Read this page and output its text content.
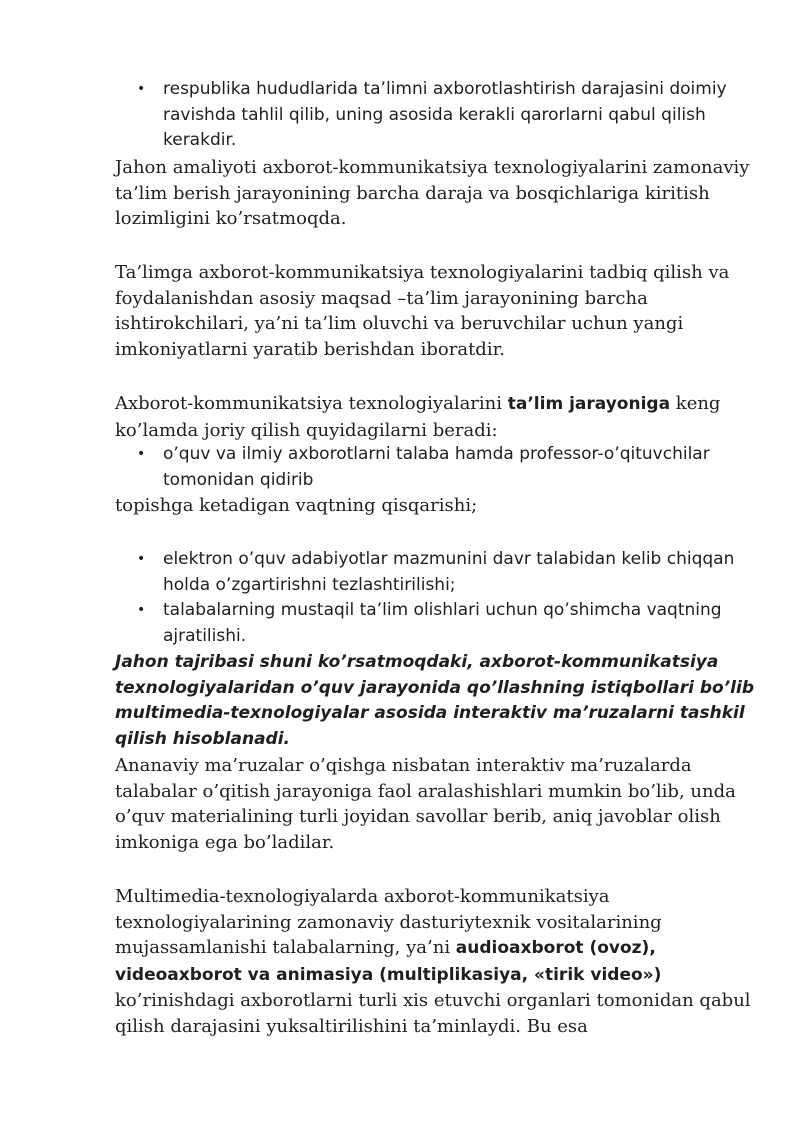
• respublika hududlarida ta’limni axborotlashtirish darajasini doimiy ravishda tahlil qilib, uning asosida kerakli qarorlarni qabul qilish kerakdir.

Jahon amaliyoti axborot-kommunikatsiya texnologiyalarini zamonaviy ta’lim berish jarayonining barcha daraja va bosqichlariga kiritish lozimligini ko’rsatmoqda.

Ta’limga axborot-kommunikatsiya texnologiyalarini tadbiq qilish va foydalanishdan asosiy maqsad –ta’lim jarayonining barcha ishtirokchilari, ya’ni ta’lim oluvchi va beruvchilar uchun yangi imkoniyatlarni yaratib berishdan iboratdir.

Axborot-kommunikatsiya texnologiyalarini ta’lim jarayoniga keng ko’lamda joriy qilish quyidagilarni beradi:

• o’quv va ilmiy axborotlarni talaba hamda professor-o’qituvchilar tomonidan qidirib

topishga ketadigan vaqtning qisqarishi;

• elektron o’quv adabiyotlar mazmunini davr talabidan kelib chiqqan holda o’zgartirishni tezlashtirilishi;
• talabalarning mustaqil ta’lim olishlari uchun qo’shimcha vaqtning ajratilishi.

Jahon tajribasi shuni ko’rsatmoqdaki, axborot-kommunikatsiya texnologiyalaridan o’quv jarayonida qo’llashning istiqbollari bo’lib multimedia-texnologiyalar asosida interaktiv ma’ruzalarni tashkil qilish hisoblanadi.

Ananaviy ma’ruzalar o’qishga nisbatan interaktiv ma’ruzalarda talabalar o’qitish jarayoniga faol aralashishlari mumkin bo’lib, unda o’quv materialining turli joyidan savollar berib, aniq javoblar olish imkoniga ega bo’ladilar.

Multimedia-texnologiyalarda axborot-kommunikatsiya texnologiyalarining zamonaviy dasturiytexnik vositalarining mujassamlanishi talabalarning, ya’ni audioaxborot (ovoz), videoaxborot va animasiya (multiplikasiya, «tirik video») ko’rinishdagi axborotlarni turli xis etuvchi organlari tomonidan qabul qilish darajasini yuksaltirilishini ta’minlaydi. Bu esa
